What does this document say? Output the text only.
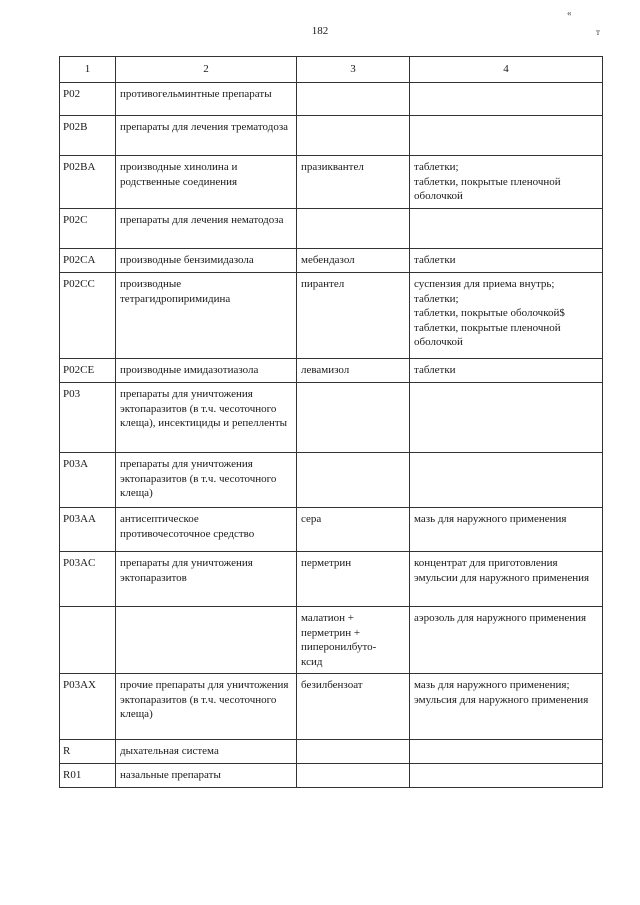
182
«
т
1	2	3	4
P02	противогельминтные препараты		
P02B	препараты для лечения трематодоза		
P02BA	производные хинолина и родственные соединения	празиквантел	таблетки;
таблетки, покрытые пленочной оболочкой
P02C	препараты для лечения нематодоза		
P02CA	производные бензимидазола	мебендазол	таблетки
P02CC	производные тетрагидропиримидина	пирантел	суспензия для приема внутрь;
таблетки;
таблетки, покрытые оболочкой$
таблетки, покрытые пленочной оболочкой
P02CE	производные имидазотиазола	левамизол	таблетки
P03	препараты для уничтожения эктопаразитов (в т.ч. чесоточного клеща), инсектициды и репелленты		
P03A	препараты для уничтожения эктопаразитов (в т.ч. чесоточного клеща)		
P03AA	антисептическое противочесоточное средство	сера	мазь для наружного применения
P03AC	препараты для уничтожения эктопаразитов	перметрин	концентрат для приготовления эмульсии для наружного применения
		малатион +
перметрин +
пиперонилбуто-
ксид	аэрозоль для наружного применения
P03AX	прочие препараты для уничтожения эктопаразитов (в т.ч. чесоточного клеща)	безилбензоат	мазь для наружного применения;
эмульсия для наружного применения
R	дыхательная система		
R01	назальные препараты		
